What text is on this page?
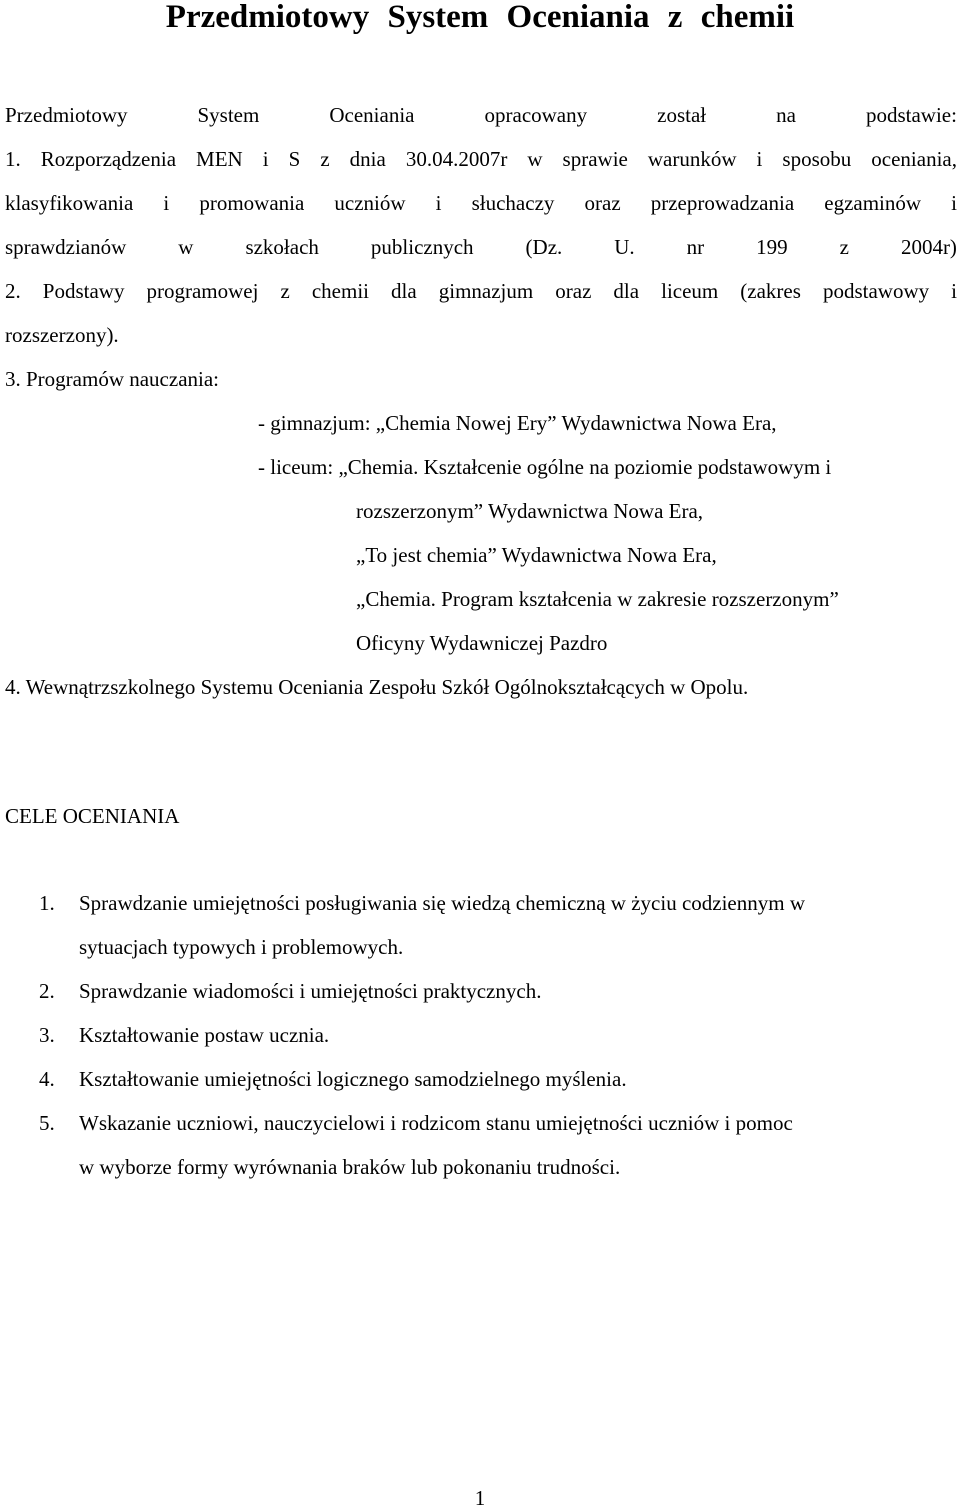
Przedmiotowy System Oceniania z chemii
Przedmiotowy	System	Oceniania	opracowany	został	na	podstawie:

1. Rozporządzenia MEN i S z dnia 30.04.2007r w sprawie warunków i sposobu oceniania,

klasyfikowania i promowania uczniów i słuchaczy oraz przeprowadzania egzaminów i

sprawdzianów w szkołach publicznych (Dz. U. nr 199 z 2004r)

2. Podstawy programowej z chemii dla gimnazjum oraz dla liceum (zakres podstawowy i

rozszerzony).

3. Programów nauczania:

- gimnazjum: „Chemia Nowej Ery” Wydawnictwa Nowa Era,

- liceum: „Chemia. Kształcenie ogólne na poziomie podstawowym i

rozszerzonym” Wydawnictwa Nowa Era,

„To jest chemia” Wydawnictwa Nowa Era,

„Chemia. Program kształcenia w zakresie rozszerzonym”

Oficyny Wydawniczej Pazdro

4. Wewnątrzszkolnego Systemu Oceniania Zespołu Szkół Ogólnokształcących w Opolu.

CELE OCENIANIA

1. Sprawdzanie umiejętności posługiwania się wiedzą chemiczną w życiu codziennym w

sytuacjach typowych i problemowych.

2. Sprawdzanie wiadomości i umiejętności praktycznych.

3. Kształtowanie postaw ucznia.

4. Kształtowanie umiejętności logicznego samodzielnego myślenia.

5. Wskazanie uczniowi, nauczycielowi i rodzicom stanu umiejętności uczniów i pomoc

w wyborze formy wyrównania braków lub pokonaniu trudności.

1
